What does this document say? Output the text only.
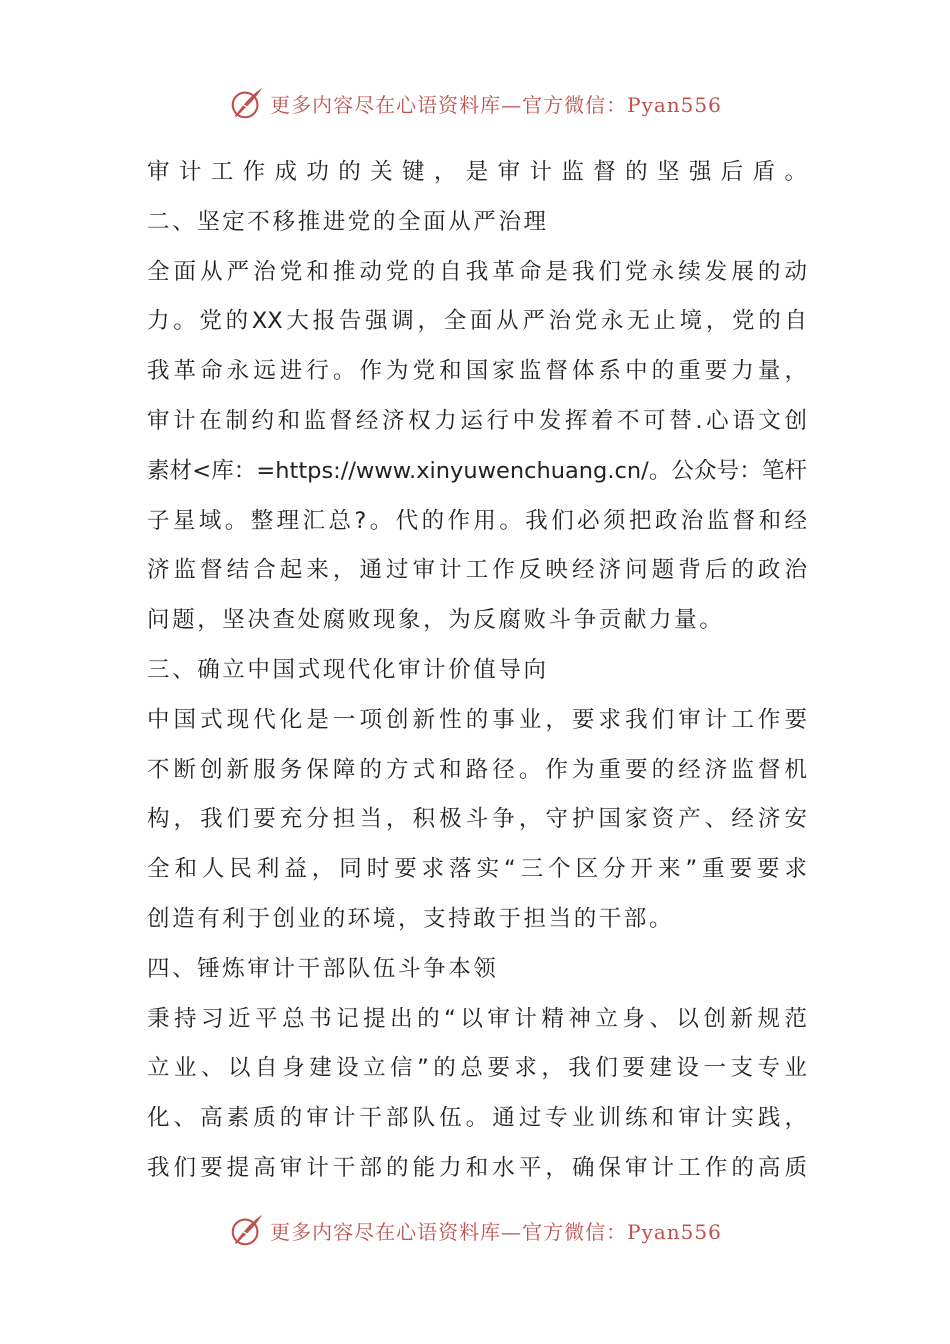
更多内容尽在心语资料库—官方微信：Pyan556
审计工作成功的关键，是审计监督的坚强后盾。
二、坚定不移推进党的全面从严治理
全面从严治党和推动党的自我革命是我们党永续发展的动
力。党的XX大报告强调，全面从严治党永无止境，党的自
我革命永远进行。作为党和国家监督体系中的重要力量，
审计在制约和监督经济权力运行中发挥着不可替.心语文创
素材<库：=https://www.xinyuwenchuang.cn/。公众号：笔杆
子星域。整理汇总?。代的作用。我们必须把政治监督和经
济监督结合起来，通过审计工作反映经济问题背后的政治
问题，坚决查处腐败现象，为反腐败斗争贡献力量。
三、确立中国式现代化审计价值导向
中国式现代化是一项创新性的事业，要求我们审计工作要
不断创新服务保障的方式和路径。作为重要的经济监督机
构，我们要充分担当，积极斗争，守护国家资产、经济安
全和人民利益，同时要求落实“三个区分开来”重要要求
创造有利于创业的环境，支持敢于担当的干部。
四、锤炼审计干部队伍斗争本领
秉持习近平总书记提出的“以审计精神立身、以创新规范
立业、以自身建设立信”的总要求，我们要建设一支专业
化、高素质的审计干部队伍。通过专业训练和审计实践，
我们要提高审计干部的能力和水平，确保审计工作的高质
更多内容尽在心语资料库—官方微信：Pyan556
